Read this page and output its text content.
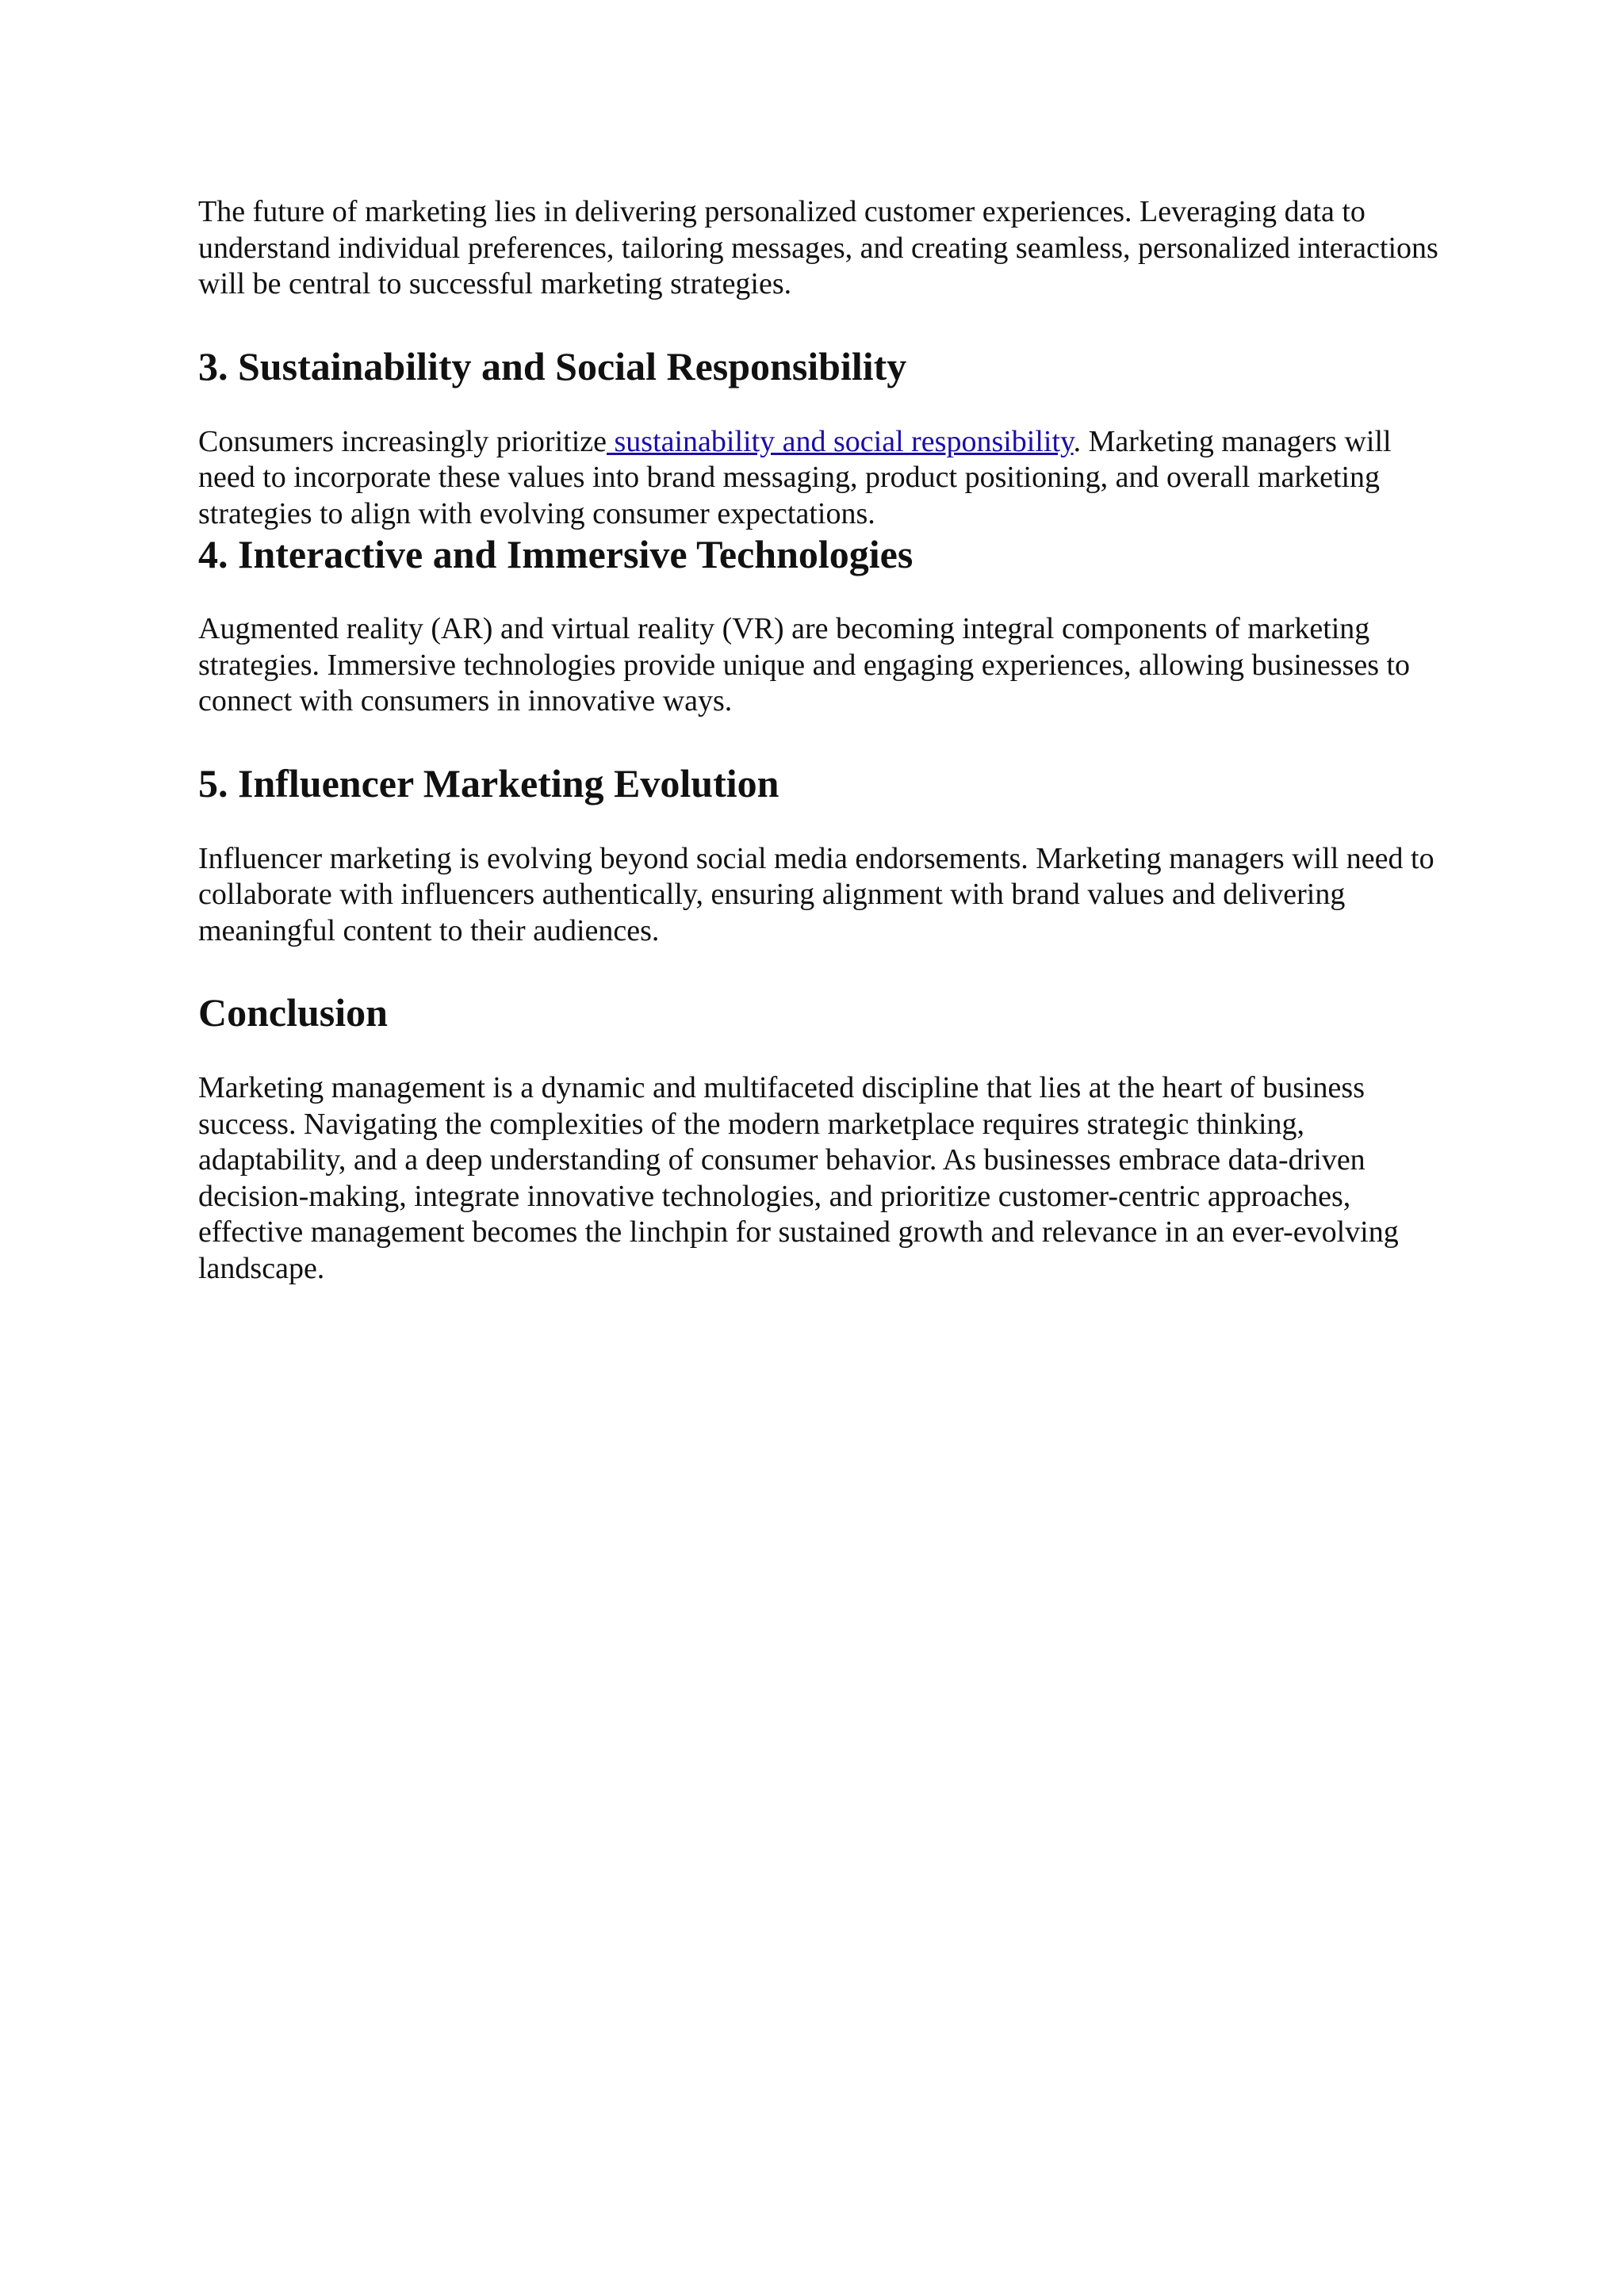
The future of marketing lies in delivering personalized customer experiences. Leveraging data to understand individual preferences, tailoring messages, and creating seamless, personalized interactions will be central to successful marketing strategies.

3. Sustainability and Social Responsibility

Consumers increasingly prioritize sustainability and social responsibility. Marketing managers will need to incorporate these values into brand messaging, product positioning, and overall marketing strategies to align with evolving consumer expectations.

4. Interactive and Immersive Technologies

Augmented reality (AR) and virtual reality (VR) are becoming integral components of marketing strategies. Immersive technologies provide unique and engaging experiences, allowing businesses to connect with consumers in innovative ways.

5. Influencer Marketing Evolution

Influencer marketing is evolving beyond social media endorsements. Marketing managers will need to collaborate with influencers authentically, ensuring alignment with brand values and delivering meaningful content to their audiences.

Conclusion

Marketing management is a dynamic and multifaceted discipline that lies at the heart of business success. Navigating the complexities of the modern marketplace requires strategic thinking, adaptability, and a deep understanding of consumer behavior. As businesses embrace data-driven decision-making, integrate innovative technologies, and prioritize customer-centric approaches, effective management becomes the linchpin for sustained growth and relevance in an ever-evolving landscape.
